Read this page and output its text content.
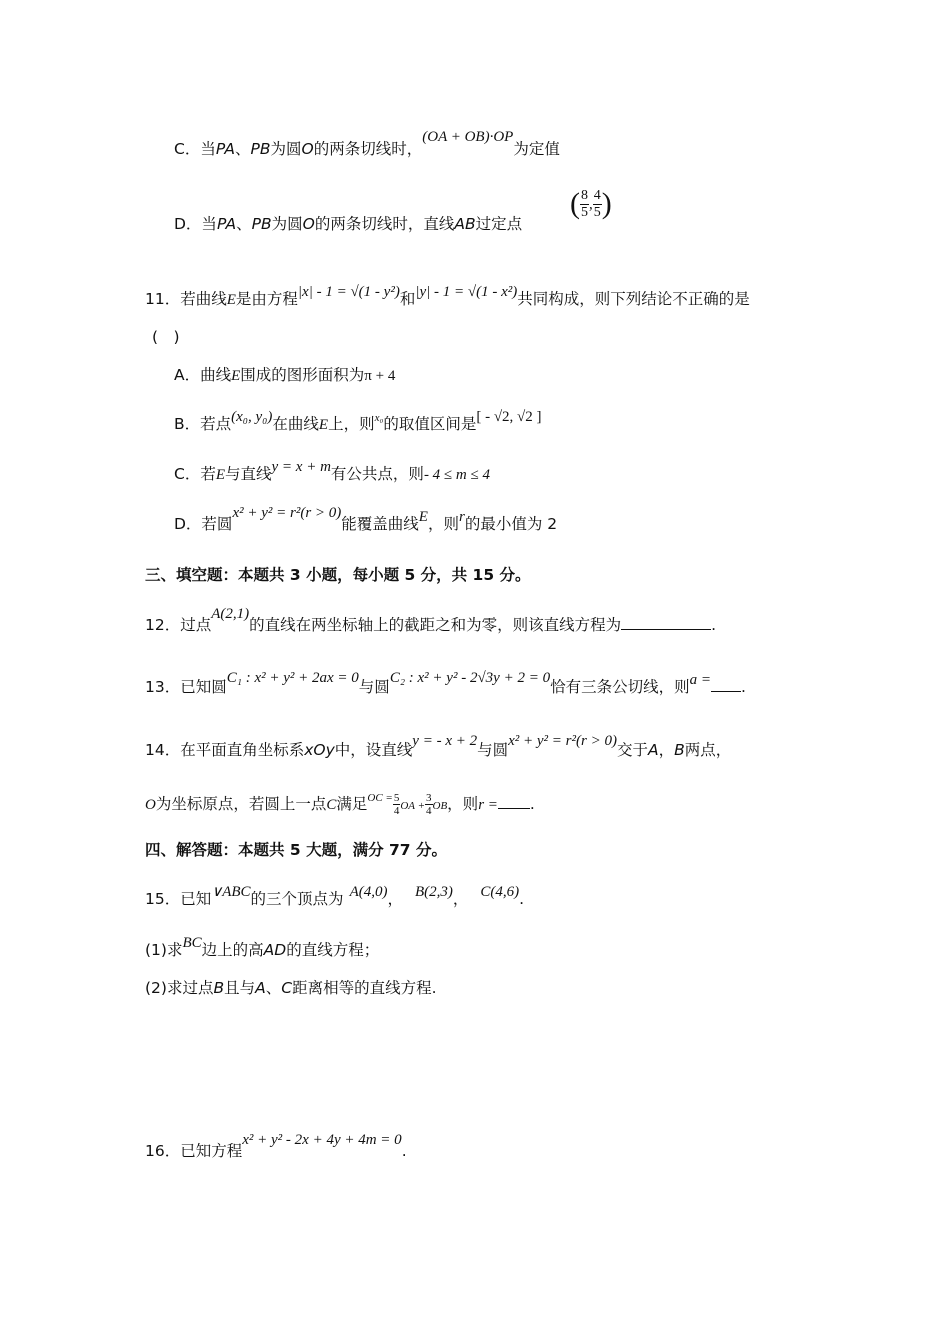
C．当PA、PB为圆O的两条切线时，(OA + OB)·OP为定值
D．当PA、PB为圆O的两条切线时，直线AB过定点
( $\frac{8}{5}$ , $\frac{4}{5}$ )
11．若曲线E是由方程|x| - 1 = √(1 - y²)和|y| - 1 = √(1 - x²)共同构成，则下列结论不正确的是
(　)
A．曲线E围成的图形面积为π + 4
B．若点(x₀, y₀)在曲线E上，则$^{x_0}$的取值区间是[ - √2, √2 ]
C．若E与直线y = x + m有公共点，则- 4 ≤ m ≤ 4
D．若圆x² + y² = r²(r > 0)能覆盖曲线E，则r的最小值为 2
三、填空题：本题共 3 小题，每小题 5 分，共 15 分。
12．过点A(2,1)的直线在两坐标轴上的截距之和为零，则该直线方程为	.
13．已知圆C₁ : x² + y² + 2ax = 0与圆C₂ : x² + y² - 2√3y + 2 = 0恰有三条公切线，则a = .
14．在平面直角坐标系xOy中，设直线y = - x + 2与圆x² + y² = r²(r > 0)交于A，B两点，
O为坐标原点，若圆上一点C满足$^{OC =} \frac{5}{4}$ OA + $\frac{3}{4}$ OB，则r = .
四、解答题：本题共 5 大题，满分 77 分。
15．已知∨ABC的三个顶点为 A(4,0)， B(2,3)， C(4,6).
(1)求BC边上的高AD的直线方程；
(2)求过点B且与A、C距离相等的直线方程.
16．已知方程x² + y² - 2x + 4y + 4m = 0.
